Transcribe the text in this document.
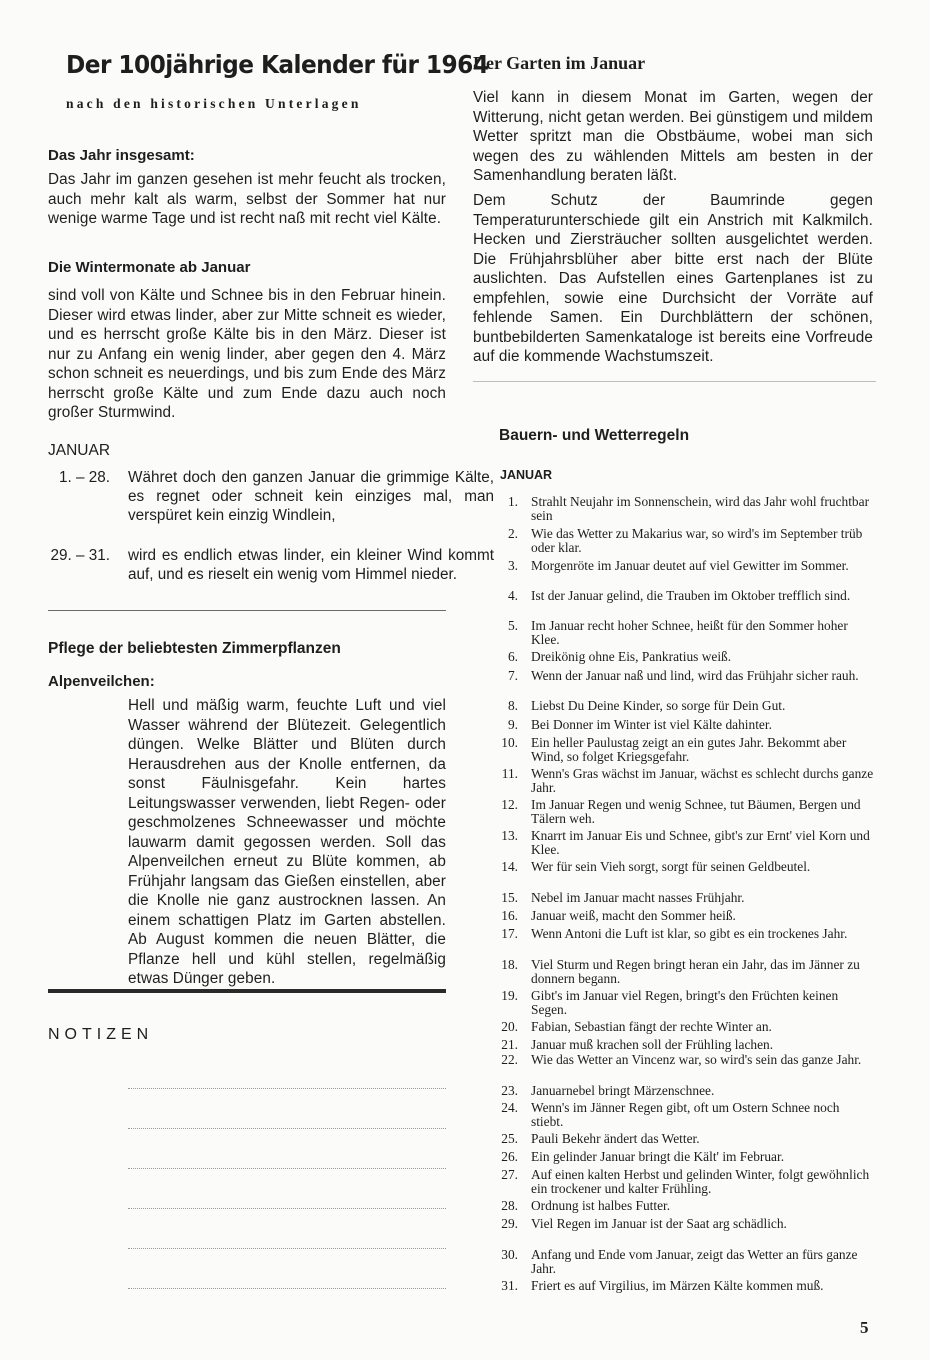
Der 100jährige Kalender für 1964
nach den historischen Unterlagen
Das Jahr insgesamt:
Das Jahr im ganzen gesehen ist mehr feucht als trocken, auch mehr kalt als warm, selbst der Sommer hat nur wenige warme Tage und ist recht naß mit recht viel Kälte.
Die Wintermonate ab Januar
sind voll von Kälte und Schnee bis in den Februar hinein. Dieser wird etwas linder, aber zur Mitte schneit es wieder, und es herrscht große Kälte bis in den März. Dieser ist nur zu Anfang ein wenig linder, aber gegen den 4. März schon schneit es neuerdings, und bis zum Ende des März herrscht große Kälte und zum Ende dazu auch noch großer Sturmwind.
JANUAR
1. – 28. Währet doch den ganzen Januar die grimmige Kälte, es regnet oder schneit kein einziges mal, man verspüret kein einzig Windlein,
29. – 31. wird es endlich etwas linder, ein kleiner Wind kommt auf, und es rieselt ein wenig vom Himmel nieder.
Pflege der beliebtesten Zimmerpflanzen
Alpenveilchen:
Hell und mäßig warm, feuchte Luft und viel Wasser während der Blütezeit. Gelegentlich düngen. Welke Blätter und Blüten durch Herausdrehen aus der Knolle entfernen, da sonst Fäulnisgefahr. Kein hartes Leitungswasser verwenden, liebt Regen- oder geschmolzenes Schneewasser und möchte lauwarm damit gegossen werden. Soll das Alpenveilchen erneut zu Blüte kommen, ab Frühjahr langsam das Gießen einstellen, aber die Knolle nie ganz austrocknen lassen. An einem schattigen Platz im Garten abstellen. Ab August kommen die neuen Blätter, die Pflanze hell und kühl stellen, regelmäßig etwas Dünger geben.
NOTIZEN
Der Garten im Januar
Viel kann in diesem Monat im Garten, wegen der Witterung, nicht getan werden. Bei günstigem und mildem Wetter spritzt man die Obstbäume, wobei man sich wegen des zu wählenden Mittels am besten in der Samenhandlung beraten läßt.
Dem Schutz der Baumrinde gegen Temperaturunterschiede gilt ein Anstrich mit Kalkmilch. Hecken und Ziersträucher sollten ausgelichtet werden. Die Frühjahrsblüher aber bitte erst nach der Blüte auslichten. Das Aufstellen eines Gartenplanes ist zu empfehlen, sowie eine Durchsicht der Vorräte auf fehlende Samen. Ein Durchblättern der schönen, buntbebilderten Samenkataloge ist bereits eine Vorfreude auf die kommende Wachstumszeit.
Bauern- und Wetterregeln
JANUAR
1. Strahlt Neujahr im Sonnenschein, wird das Jahr wohl fruchtbar sein
2. Wie das Wetter zu Makarius war, so wird's im September trüb oder klar.
3. Morgenröte im Januar deutet auf viel Gewitter im Sommer.
4. Ist der Januar gelind, die Trauben im Oktober trefflich sind.
5. Im Januar recht hoher Schnee, heißt für den Sommer hoher Klee.
6. Dreikönig ohne Eis, Pankratius weiß.
7. Wenn der Januar naß und lind, wird das Frühjahr sicher rauh.
8. Liebst Du Deine Kinder, so sorge für Dein Gut.
9. Bei Donner im Winter ist viel Kälte dahinter.
10. Ein heller Paulustag zeigt an ein gutes Jahr. Bekommt aber Wind, so folget Kriegsgefahr.
11. Wenn's Gras wächst im Januar, wächst es schlecht durchs ganze Jahr.
12. Im Januar Regen und wenig Schnee, tut Bäumen, Bergen und Tälern weh.
13. Knarrt im Januar Eis und Schnee, gibt's zur Ernt' viel Korn und Klee.
14. Wer für sein Vieh sorgt, sorgt für seinen Geldbeutel.
15. Nebel im Januar macht nasses Frühjahr.
16. Januar weiß, macht den Sommer heiß.
17. Wenn Antoni die Luft ist klar, so gibt es ein trockenes Jahr.
18. Viel Sturm und Regen bringt heran ein Jahr, das im Jänner zu donnern begann.
19. Gibt's im Januar viel Regen, bringt's den Früchten keinen Segen.
20. Fabian, Sebastian fängt der rechte Winter an.
21. Januar muß krachen soll der Frühling lachen.
22. Wie das Wetter an Vincenz war, so wird's sein das ganze Jahr.
23. Januarnebel bringt Märzenschnee.
24. Wenn's im Jänner Regen gibt, oft um Ostern Schnee noch stiebt.
25. Pauli Bekehr ändert das Wetter.
26. Ein gelinder Januar bringt die Kält' im Februar.
27. Auf einen kalten Herbst und gelinden Winter, folgt gewöhnlich ein trockener und kalter Frühling.
28. Ordnung ist halbes Futter.
29. Viel Regen im Januar ist der Saat arg schädlich.
30. Anfang und Ende vom Januar, zeigt das Wetter an fürs ganze Jahr.
31. Friert es auf Virgilius, im Märzen Kälte kommen muß.
5
